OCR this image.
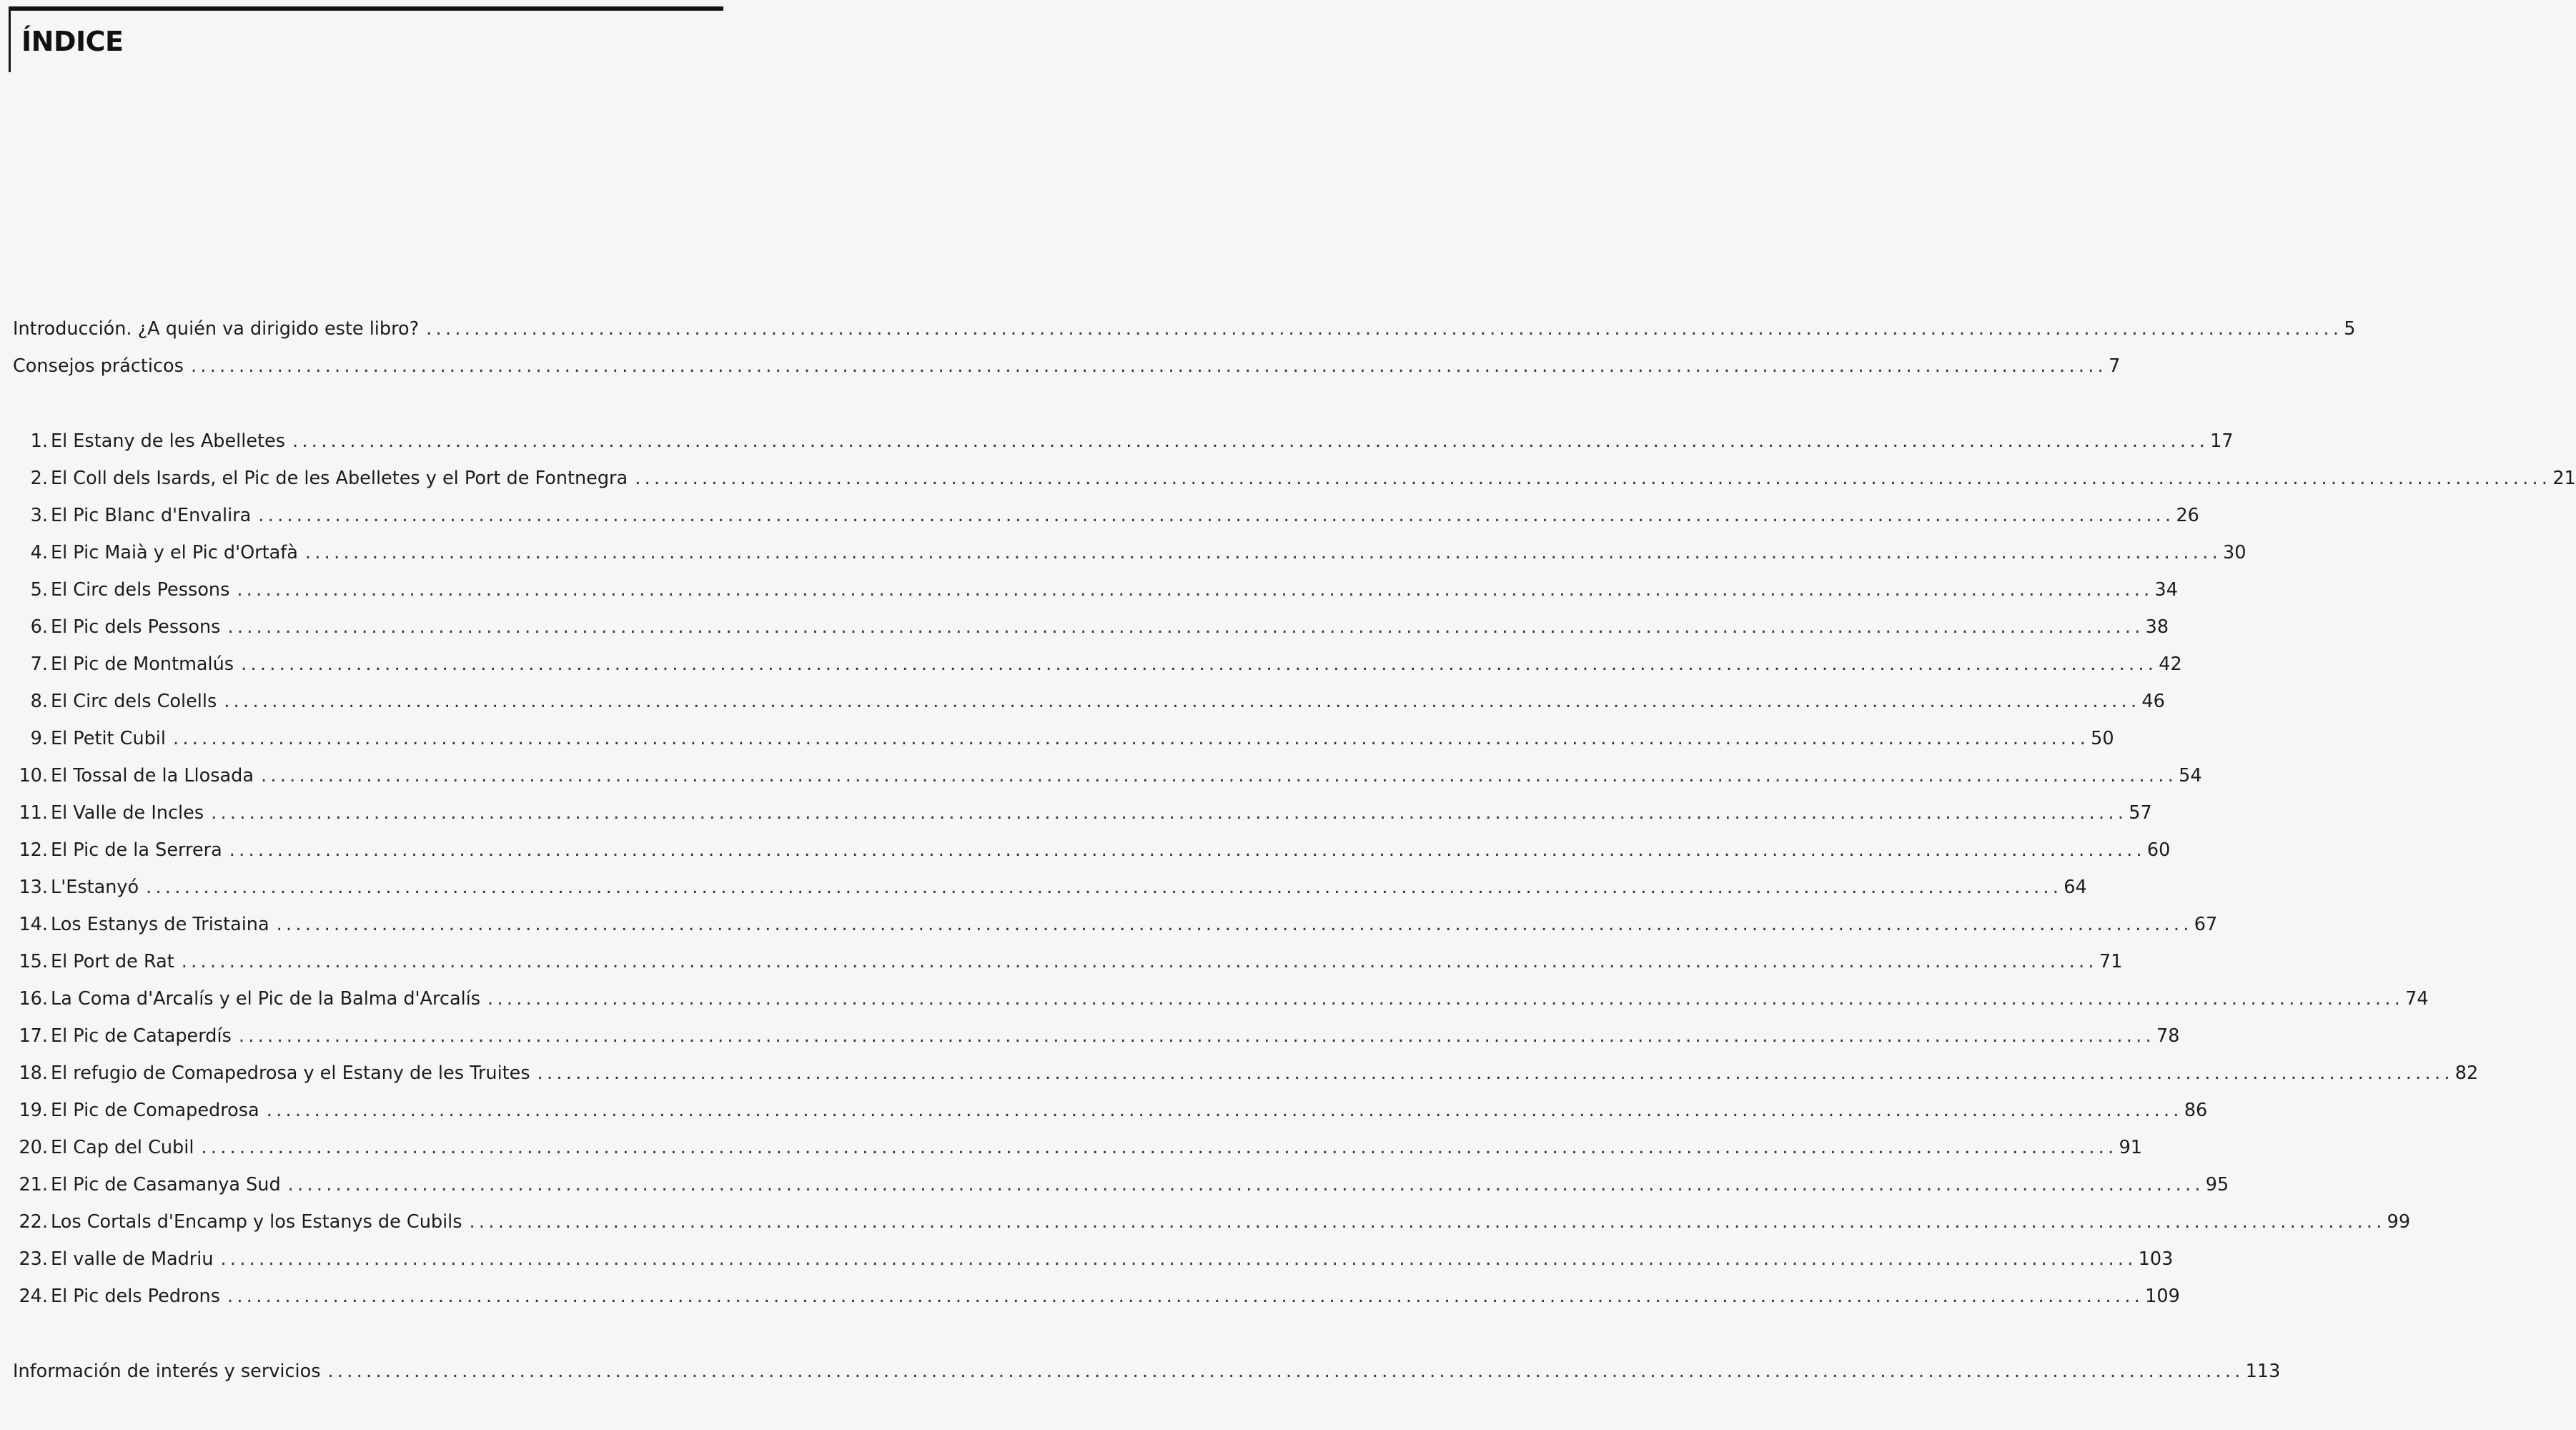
ÍNDICE
Introducción. ¿A quién va dirigido este libro? ........................................................................................................................................................................................................ 5
Consejos prácticos ........................................................................................................................................................................................................ 7
1. El Estany de les Abelletes ........................................................................................................................................................................................................ 17
2. El Coll dels Isards, el Pic de les Abelletes y el Port de Fontnegra ........................................................................................................................................................................................................ 21
3. El Pic Blanc d'Envalira ........................................................................................................................................................................................................ 26
4. El Pic Maià y el Pic d'Ortafà ........................................................................................................................................................................................................ 30
5. El Circ dels Pessons ........................................................................................................................................................................................................ 34
6. El Pic dels Pessons ........................................................................................................................................................................................................ 38
7. El Pic de Montmalús ........................................................................................................................................................................................................ 42
8. El Circ dels Colells ........................................................................................................................................................................................................ 46
9. El Petit Cubil ........................................................................................................................................................................................................ 50
10. El Tossal de la Llosada ........................................................................................................................................................................................................ 54
11. El Valle de Incles ........................................................................................................................................................................................................ 57
12. El Pic de la Serrera ........................................................................................................................................................................................................ 60
13. L'Estanyó ........................................................................................................................................................................................................ 64
14. Los Estanys de Tristaina ........................................................................................................................................................................................................ 67
15. El Port de Rat ........................................................................................................................................................................................................ 71
16. La Coma d'Arcalís y el Pic de la Balma d'Arcalís ........................................................................................................................................................................................................ 74
17. El Pic de Cataperdís ........................................................................................................................................................................................................ 78
18. El refugio de Comapedrosa y el Estany de les Truites ........................................................................................................................................................................................................ 82
19. El Pic de Comapedrosa ........................................................................................................................................................................................................ 86
20. El Cap del Cubil ........................................................................................................................................................................................................ 91
21. El Pic de Casamanya Sud ........................................................................................................................................................................................................ 95
22. Los Cortals d'Encamp y los Estanys de Cubils ........................................................................................................................................................................................................ 99
23. El valle de Madriu ........................................................................................................................................................................................................ 103
24. El Pic dels Pedrons ........................................................................................................................................................................................................ 109
Información de interés y servicios ........................................................................................................................................................................................................ 113
